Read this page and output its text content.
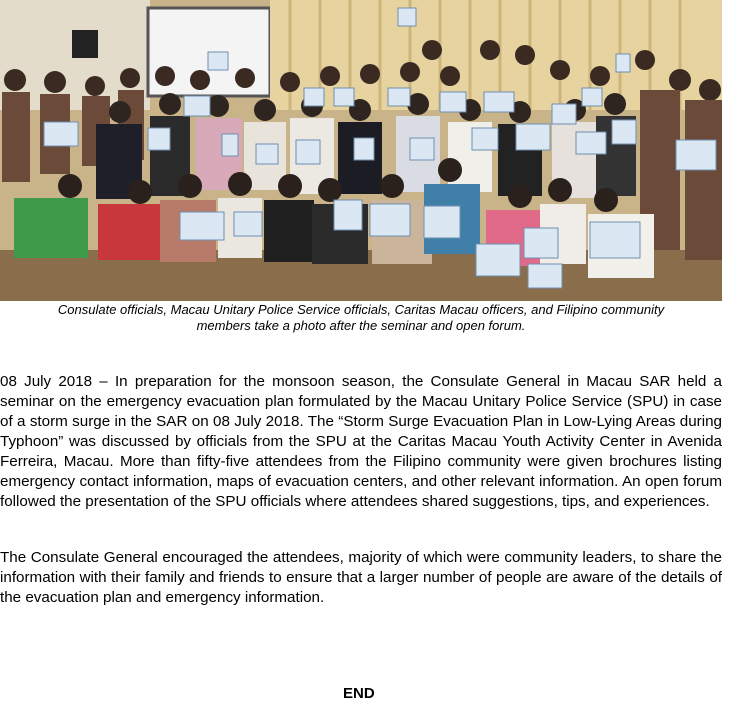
Consulate officials, Macau Unitary Police Service officials, Caritas Macau officers, and Filipino community
members take a photo after the seminar and open forum.

08 July 2018 – In preparation for the monsoon season, the Consulate General in Macau SAR held a seminar on the emergency evacuation plan formulated by the Macau Unitary Police Service (SPU) in case of a storm surge in the SAR on 08 July 2018. The “Storm Surge Evacuation Plan in Low-Lying Areas during Typhoon” was discussed by officials from the SPU at the Caritas Macau Youth Activity Center in Avenida Ferreira, Macau. More than fifty-five attendees from the Filipino community were given brochures listing emergency contact information, maps of evacuation centers, and other relevant information. An open forum followed the presentation of the SPU officials where attendees shared suggestions, tips, and experiences.

The Consulate General encouraged the attendees, majority of which were community leaders, to share the information with their family and friends to ensure that a larger number of people are aware of the details of the evacuation plan and emergency information.

END
